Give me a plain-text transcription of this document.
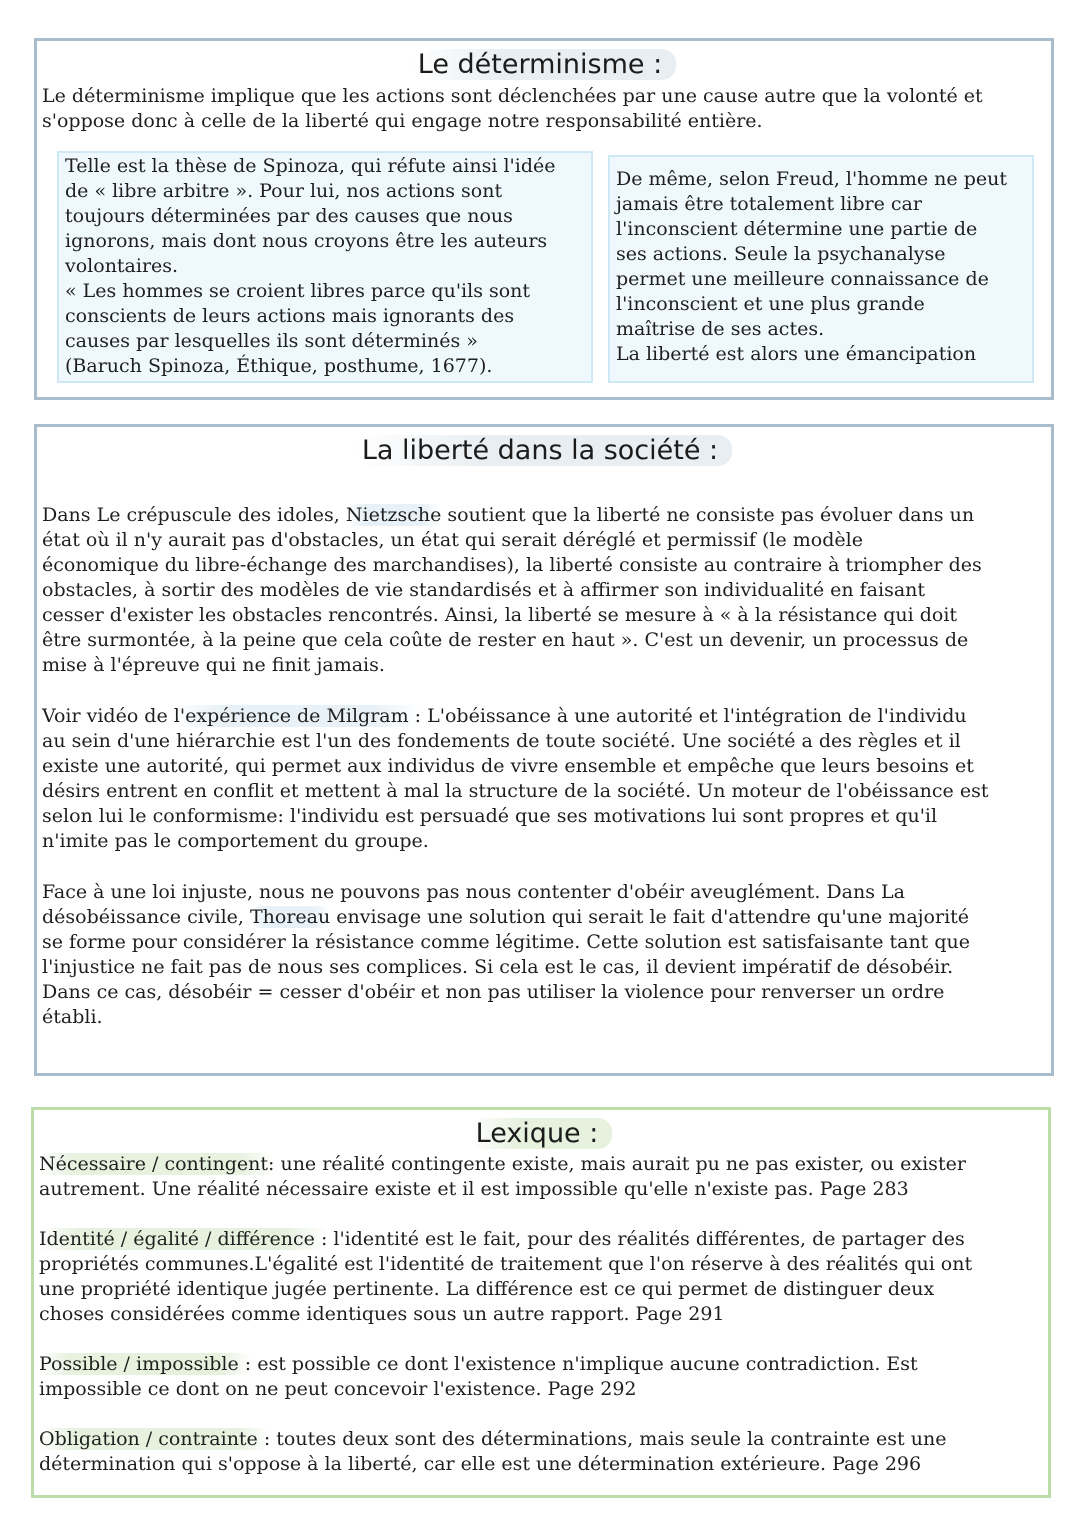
Le déterminisme :

Le déterminisme implique que les actions sont déclenchées par une cause autre que la volonté et

s'oppose donc à celle de la liberté qui engage notre responsabilité entière.

Telle est la thèse de Spinoza, qui réfute ainsi l'idée

de « libre arbitre ». Pour lui, nos actions sont

toujours déterminées par des causes que nous

ignorons, mais dont nous croyons être les auteurs

volontaires.

« Les hommes se croient libres parce qu'ils sont

conscients de leurs actions mais ignorants des

causes par lesquelles ils sont déterminés »

(Baruch Spinoza, Éthique, posthume, 1677).

De même, selon Freud, l'homme ne peut

jamais être totalement libre car

l'inconscient détermine une partie de

ses actions. Seule la psychanalyse

permet une meilleure connaissance de

l'inconscient et une plus grande

maîtrise de ses actes.

La liberté est alors une émancipation

La liberté dans la société :

Dans Le crépuscule des idoles, Nietzsche soutient que la liberté ne consiste pas évoluer dans un

état où il n'y aurait pas d'obstacles, un état qui serait déréglé et permissif (le modèle

économique du libre-échange des marchandises), la liberté consiste au contraire à triompher des

obstacles, à sortir des modèles de vie standardisés et à affirmer son individualité en faisant

cesser d'exister les obstacles rencontrés. Ainsi, la liberté se mesure à « à la résistance qui doit

être surmontée, à la peine que cela coûte de rester en haut ». C'est un devenir, un processus de

mise à l'épreuve qui ne finit jamais.

Voir vidéo de l'expérience de Milgram : L'obéissance à une autorité et l'intégration de l'individu

au sein d'une hiérarchie est l'un des fondements de toute société. Une société a des règles et il

existe une autorité, qui permet aux individus de vivre ensemble et empêche que leurs besoins et

désirs entrent en conflit et mettent à mal la structure de la société. Un moteur de l'obéissance est

selon lui le conformisme: l'individu est persuadé que ses motivations lui sont propres et qu'il

n'imite pas le comportement du groupe.

Face à une loi injuste, nous ne pouvons pas nous contenter d'obéir aveuglément. Dans La

désobéissance civile, Thoreau envisage une solution qui serait le fait d'attendre qu'une majorité

se forme pour considérer la résistance comme légitime. Cette solution est satisfaisante tant que

l'injustice ne fait pas de nous ses complices. Si cela est le cas, il devient impératif de désobéir.

Dans ce cas, désobéir = cesser d'obéir et non pas utiliser la violence pour renverser un ordre

établi.

Lexique :

Nécessaire / contingent: une réalité contingente existe, mais aurait pu ne pas exister, ou exister

autrement. Une réalité nécessaire existe et il est impossible qu'elle n'existe pas. Page 283

Identité / égalité / différence : l'identité est le fait, pour des réalités différentes, de partager des

propriétés communes.L'égalité est l'identité de traitement que l'on réserve à des réalités qui ont

une propriété identique jugée pertinente. La différence est ce qui permet de distinguer deux

choses considérées comme identiques sous un autre rapport. Page 291

Possible / impossible : est possible ce dont l'existence n'implique aucune contradiction. Est

impossible ce dont on ne peut concevoir l'existence. Page 292

Obligation / contrainte : toutes deux sont des déterminations, mais seule la contrainte est une

détermination qui s'oppose à la liberté, car elle est une détermination extérieure. Page 296
